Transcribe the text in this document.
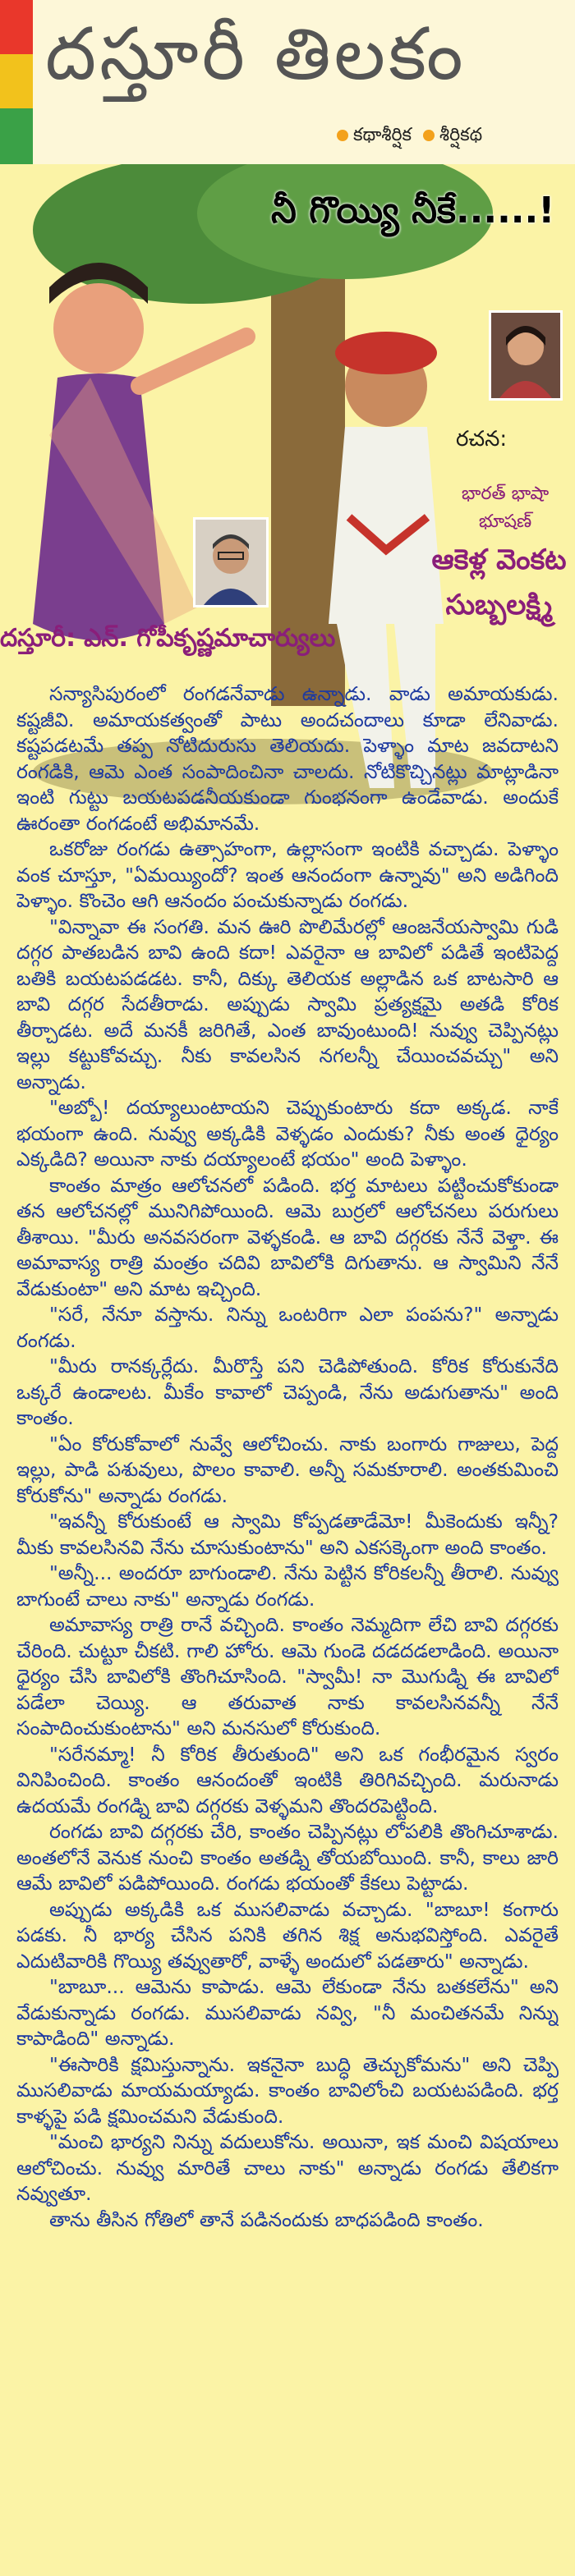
దస్తూరీ తిలకం
కథాశీర్షిక	శీర్షికథ
నీ గొయ్యి నీకే......!
రచన:
భారత్ భాషా భూషణ్
ఆకెళ్ల వెంకట సుబ్బలక్ష్మి
దస్తూరీ: ఎన్. గోపీకృష్ణమాచార్యులు

సన్యాసిపురంలో రంగడనేవాడు ఉన్నాడు. వాడు అమాయకుడు. కష్టజీవి. అమాయకత్వంతో పాటు అందచందాలు కూడా లేనివాడు. కష్టపడటమే తప్ప నోటిదురుసు తెలియదు. పెళ్ళాం మాట జవదాటని రంగడికి, ఆమె ఎంత సంపాదించినా చాలదు. నోటికొచ్చినట్లు మాట్లాడినా ఇంటి గుట్టు బయటపడనీయకుండా గుంభనంగా ఉండేవాడు. అందుకే ఊరంతా రంగడంటే అభిమానమే.

ఒకరోజు రంగడు ఉత్సాహంగా, ఉల్లాసంగా ఇంటికి వచ్చాడు. పెళ్ళాం వంక చూస్తూ, "ఏమయ్యిందో? ఇంత ఆనందంగా ఉన్నావు" అని అడిగింది పెళ్ళాం. కొంచెం ఆగి ఆనందం పంచుకున్నాడు రంగడు.

"విన్నావా ఈ సంగతి. మన ఊరి పొలిమేరల్లో ఆంజనేయస్వామి గుడి దగ్గర పాతబడిన బావి ఉంది కదా! ఎవరైనా ఆ బావిలో పడితే ఇంటిపెద్ద బతికి బయటపడడట. కానీ, దిక్కు తెలియక అల్లాడిన ఒక బాటసారి ఆ బావి దగ్గర సేదతీరాడు. అప్పుడు స్వామి ప్రత్యక్షమై అతడి కోరిక తీర్చాడట. అదే మనకీ జరిగితే, ఎంత బావుంటుంది! నువ్వు చెప్పినట్లు ఇల్లు కట్టుకోవచ్చు. నీకు కావలసిన నగలన్నీ చేయించవచ్చు" అని అన్నాడు.

"అబ్బో! దయ్యాలుంటాయని చెప్పుకుంటారు కదా అక్కడ. నాకే భయంగా ఉంది. నువ్వు అక్కడికి వెళ్ళడం ఎందుకు? నీకు అంత ధైర్యం ఎక్కడిది? అయినా నాకు దయ్యాలంటే భయం" అంది పెళ్ళాం.

కాంతం మాత్రం ఆలోచనలో పడింది. భర్త మాటలు పట్టించుకోకుండా తన ఆలోచనల్లో మునిగిపోయింది. ఆమె బుర్రలో ఆలోచనలు పరుగులు తీశాయి. "మీరు అనవసరంగా వెళ్ళకండి. ఆ బావి దగ్గరకు నేనే వెళ్తా. ఈ అమావాస్య రాత్రి మంత్రం చదివి బావిలోకి దిగుతాను. ఆ స్వామిని నేనే వేడుకుంటా" అని మాట ఇచ్చింది.

"సరే, నేనూ వస్తాను. నిన్ను ఒంటరిగా ఎలా పంపను?" అన్నాడు రంగడు.

"మీరు రానక్కర్లేదు. మీరొస్తే పని చెడిపోతుంది. కోరిక కోరుకునేది ఒక్కరే ఉండాలట. మీకేం కావాలో చెప్పండి, నేను అడుగుతాను" అంది కాంతం.

"ఏం కోరుకోవాలో నువ్వే ఆలోచించు. నాకు బంగారు గాజులు, పెద్ద ఇల్లు, పాడి పశువులు, పొలం కావాలి. అన్నీ సమకూరాలి. అంతకుమించి కోరుకోను" అన్నాడు రంగడు.

"ఇవన్నీ కోరుకుంటే ఆ స్వామి కోప్పడతాడేమో! మీకెందుకు ఇన్నీ? మీకు కావలసినవి నేను చూసుకుంటాను" అని ఎకసక్కెంగా అంది కాంతం.

"అన్నీ... అందరూ బాగుండాలి. నేను పెట్టిన కోరికలన్నీ తీరాలి. నువ్వు బాగుంటే చాలు నాకు" అన్నాడు రంగడు.

అమావాస్య రాత్రి రానే వచ్చింది. కాంతం నెమ్మదిగా లేచి బావి దగ్గరకు చేరింది. చుట్టూ చీకటి. గాలి హోరు. ఆమె గుండె దడదడలాడింది. అయినా ధైర్యం చేసి బావిలోకి తొంగిచూసింది. "స్వామీ! నా మొగుడ్ని ఈ బావిలో పడేలా చెయ్యి. ఆ తరువాత నాకు కావలసినవన్నీ నేనే సంపాదించుకుంటాను" అని మనసులో కోరుకుంది.

"సరేనమ్మా! నీ కోరిక తీరుతుంది" అని ఒక గంభీరమైన స్వరం వినిపించింది. కాంతం ఆనందంతో ఇంటికి తిరిగివచ్చింది. మరునాడు ఉదయమే రంగడ్ని బావి దగ్గరకు వెళ్ళమని తొందరపెట్టింది.

రంగడు బావి దగ్గరకు చేరి, కాంతం చెప్పినట్లు లోపలికి తొంగిచూశాడు. అంతలోనే వెనుక నుంచి కాంతం అతడ్ని తోయబోయింది. కానీ, కాలు జారి ఆమే బావిలో పడిపోయింది. రంగడు భయంతో కేకలు పెట్టాడు.

అప్పుడు అక్కడికి ఒక ముసలివాడు వచ్చాడు. "బాబూ! కంగారు పడకు. నీ భార్య చేసిన పనికి తగిన శిక్ష అనుభవిస్తోంది. ఎవరైతే ఎదుటివారికి గొయ్యి తవ్వుతారో, వాళ్ళే అందులో పడతారు" అన్నాడు.

"బాబూ... ఆమెను కాపాడు. ఆమె లేకుండా నేను బతకలేను" అని వేడుకున్నాడు రంగడు. ముసలివాడు నవ్వి, "నీ మంచితనమే నిన్ను కాపాడింది" అన్నాడు.

"ఈసారికి క్షమిస్తున్నాను. ఇకనైనా బుద్ధి తెచ్చుకోమను" అని చెప్పి ముసలివాడు మాయమయ్యాడు. కాంతం బావిలోంచి బయటపడింది. భర్త కాళ్ళపై పడి క్షమించమని వేడుకుంది.

"మంచి భార్యని నిన్ను వదులుకోను. అయినా, ఇక మంచి విషయాలు ఆలోచించు. నువ్వు మారితే చాలు నాకు" అన్నాడు రంగడు తేలికగా నవ్వుతూ.

తాను తీసిన గోతిలో తానే పడినందుకు బాధపడింది కాంతం.
